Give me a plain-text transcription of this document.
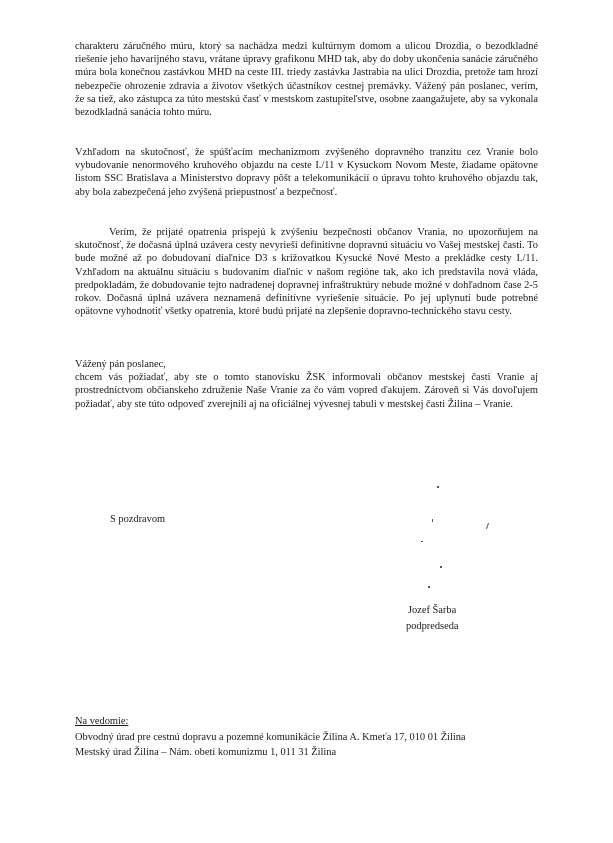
charakteru záručného múru, ktorý sa nachádza medzi kultúrnym domom a ulicou Drozdia, o bezodkladné riešenie jeho havarijného stavu, vrátane úpravy grafikonu MHD tak, aby do doby ukončenia sanácie záručného múra bola konečnou zastávkou MHD na ceste III. triedy zastávka Jastrabia na ulici Drozdia, pretože tam hrozí nebezpečie ohrozenie zdravia a životov všetkých účastníkov cestnej premávky. Vážený pán poslanec, verím, že sa tiež, ako zástupca za túto mestskú časť v mestskom zastupiteľstve, osobne zaangažujete, aby sa vykonala bezodkladná sanácia tohto múru.

Vzhľadom na skutočnosť, že spúšťacím mechanizmom zvýšeného dopravného tranzitu cez Vranie bolo vybudovanie nenormového kruhového objazdu na ceste I./11 v Kysuckom Novom Meste, žiadame opätovne listom SSC Bratislava a Ministerstvo dopravy pôšt a telekomunikácií o úpravu tohto kruhového objazdu tak, aby bola zabezpečená jeho zvýšená priepustnosť a bezpečnosť.

Verím, že prijaté opatrenia prispejú k zvýšeniu bezpečnosti občanov Vrania, no upozorňujem na skutočnosť, že dočasná úplná uzávera cesty nevyrieši definitívne dopravnú situáciu vo Vašej mestskej časti. To bude možné až po dobudovaní diaľnice D3 s križovatkou Kysucké Nové Mesto a prekládke cesty I./11. Vzhľadom na aktuálnu situáciu s budovaním diaľnic v našom regióne tak, ako ich predstavila nová vláda, predpokladám, že dobudovanie tejto nadradenej dopravnej infraštruktúry nebude možné v dohľadnom čase 2-5 rokov. Dočasná úplná uzávera neznamená definitívne vyriešenie situácie. Po jej uplynutí bude potrebné opätovne vyhodnotiť všetky opatrenia, ktoré budú prijaté na zlepšenie dopravno-technického stavu cesty.

Vážený pán poslanec,

chcem vás požiadať, aby ste o tomto stanovisku ŽSK informovali občanov mestskej časti Vranie aj prostredníctvom občianskeho združenie Naše Vranie za čo vám vopred ďakujem. Zároveň si Vás dovoľujem požiadať, aby ste túto odpoveď zverejnili aj na oficiálnej vývesnej tabuli v mestskej časti Žilina – Vranie.

S pozdravom
Jozef Šarba
podpredseda
Na vedomie:
Obvodný úrad pre cestnú dopravu a pozemné komunikácie Žilina A. Kmeťa 17, 010 01 Žilina
Mestský úrad Žilina – Nám. obetí komunizmu 1, 011 31 Žilina
